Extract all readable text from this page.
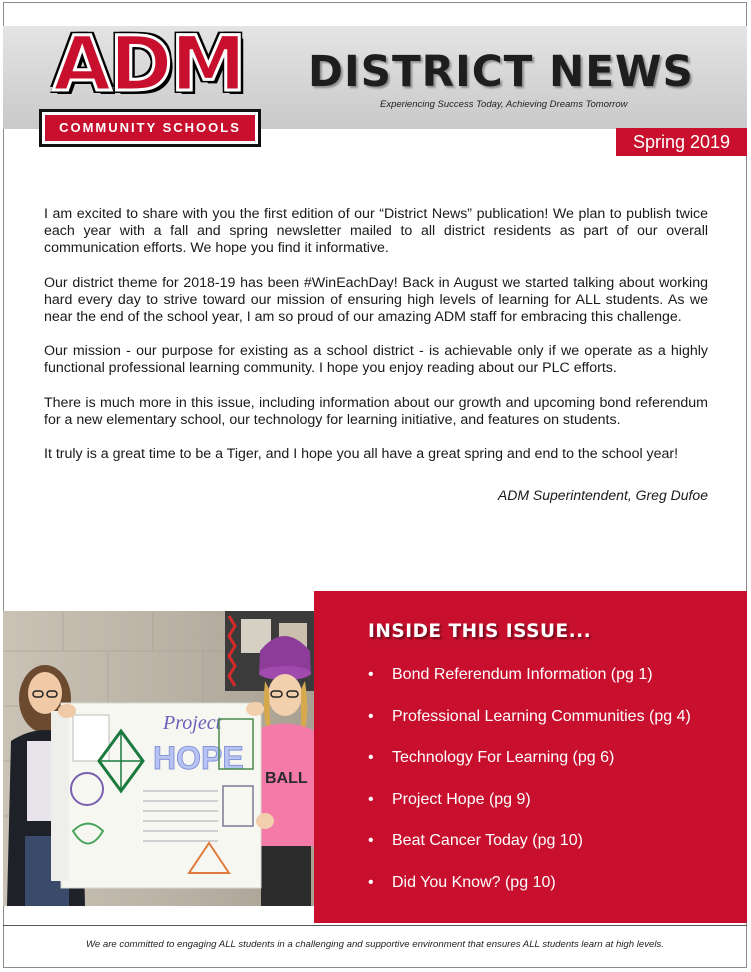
ADM
COMMUNITY SCHOOLS
DISTRICT NEWS
Experiencing Success Today, Achieving Dreams Tomorrow
Spring 2019

I am excited to share with you the first edition of our “District News” publication! We plan to publish twice each year with a fall and spring newsletter mailed to all district residents as part of our overall communication efforts. We hope you find it informative.

Our district theme for 2018-19 has been #WinEachDay! Back in August we started talking about working hard every day to strive toward our mission of ensuring high levels of learning for ALL students. As we near the end of the school year, I am so proud of our amazing ADM staff for embracing this challenge.

Our mission - our purpose for existing as a school district - is achievable only if we operate as a highly functional professional learning community. I hope you enjoy reading about our PLC efforts.

There is much more in this issue, including information about our growth and upcoming bond referendum for a new elementary school, our technology for learning initiative, and features on students.

It truly is a great time to be a Tiger, and I hope you all have a great spring and end to the school year!

ADM Superintendent, Greg Dufoe
BALL
Project
HOPE
INSIDE THIS ISSUE...
• Bond Referendum Information (pg 1)
• Professional Learning Communities (pg 4)
• Technology For Learning (pg 6)
• Project Hope (pg 9)
• Beat Cancer Today (pg 10)
• Did You Know? (pg 10)
We are committed to engaging ALL students in a challenging and supportive environment that ensures ALL students learn at high levels.
